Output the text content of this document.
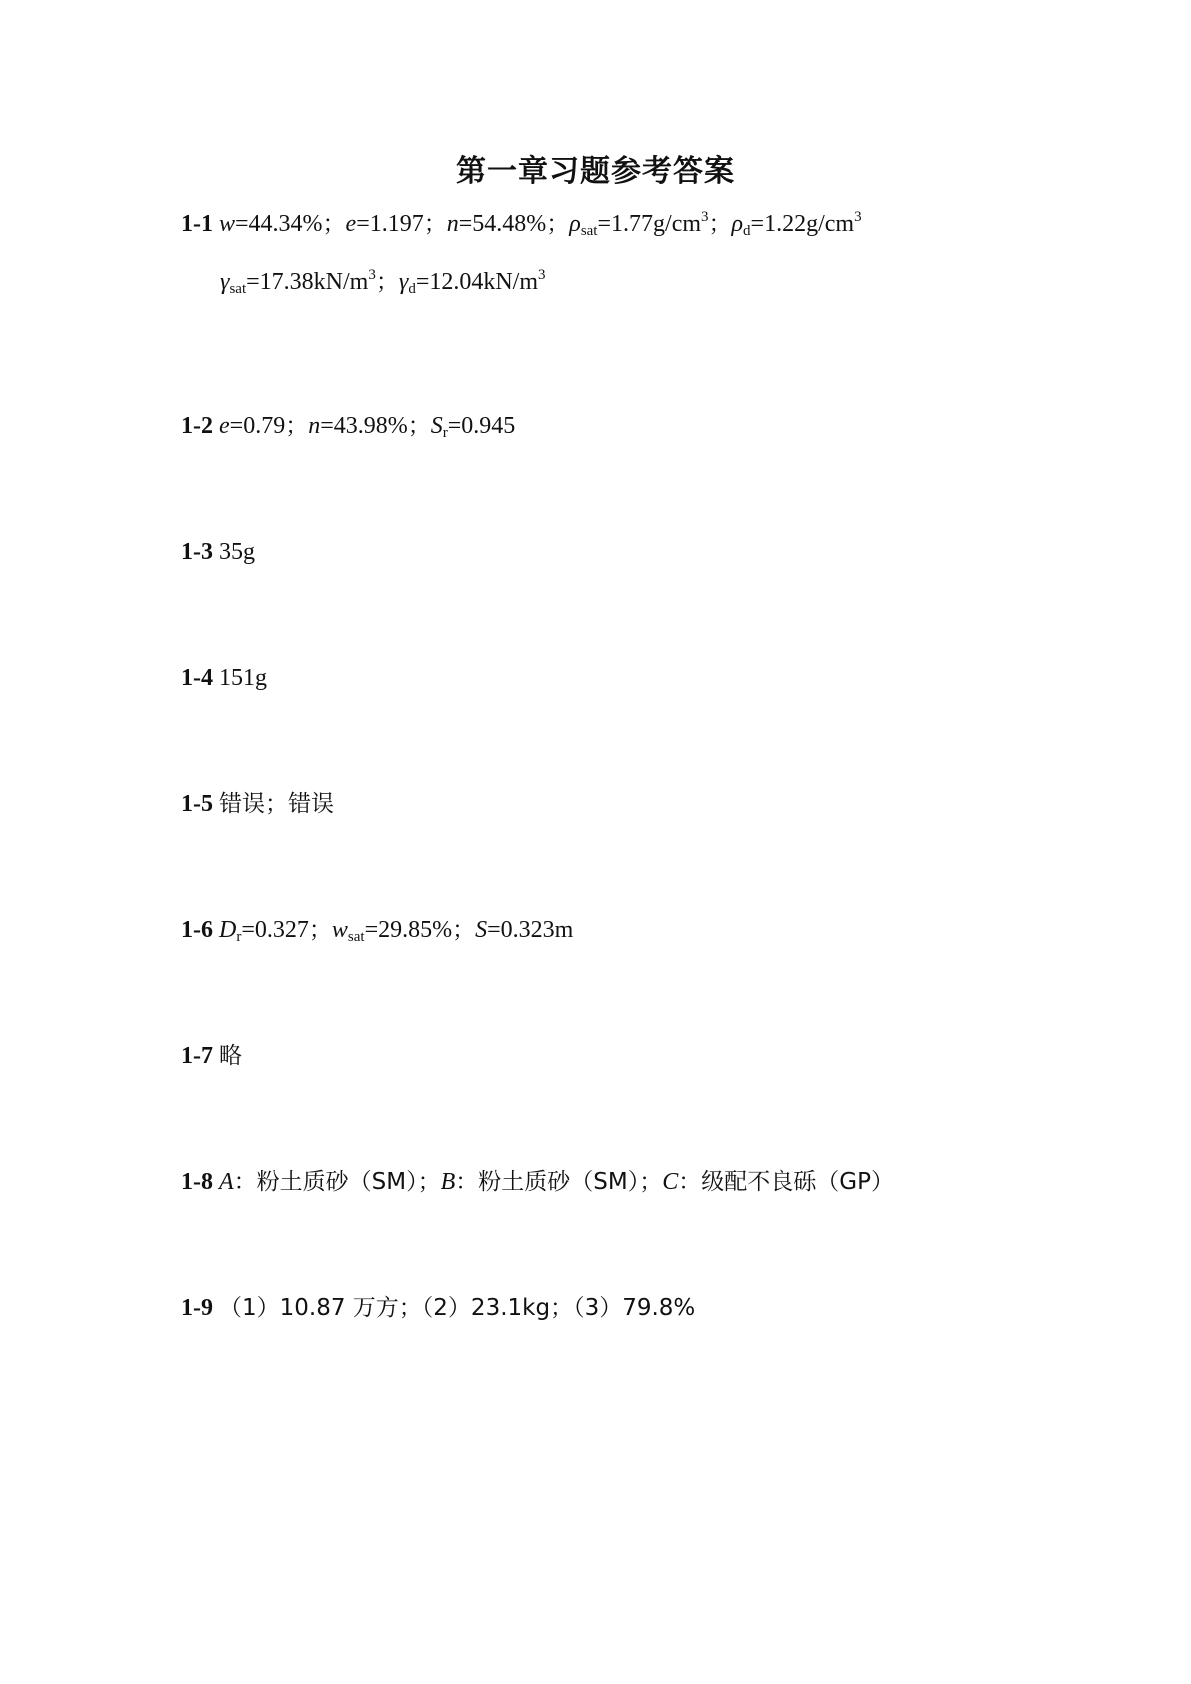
第一章习题参考答案
1-1 w=44.34%；e=1.197；n=54.48%；$\rho_{sat}=1.77g/cm^3$；$\rho_d=1.22g/cm^3$
$\gamma_{sat}=17.38kN/m^3$；$\gamma_d=12.04kN/m^3$
1-2 e=0.79；n=43.98%；$S_r=0.945$
1-3 35g
1-4 151g
1-5 错误；错误
1-6 $D_r=0.327$；$w_{sat}=29.85\%$；S=0.323m
1-7 略
1-8 A：粉土质砂（SM）；B：粉土质砂（SM）；C：级配不良砾（GP）
1-9 （1）10.87 万方；（2）23.1kg；（3）79.8%
